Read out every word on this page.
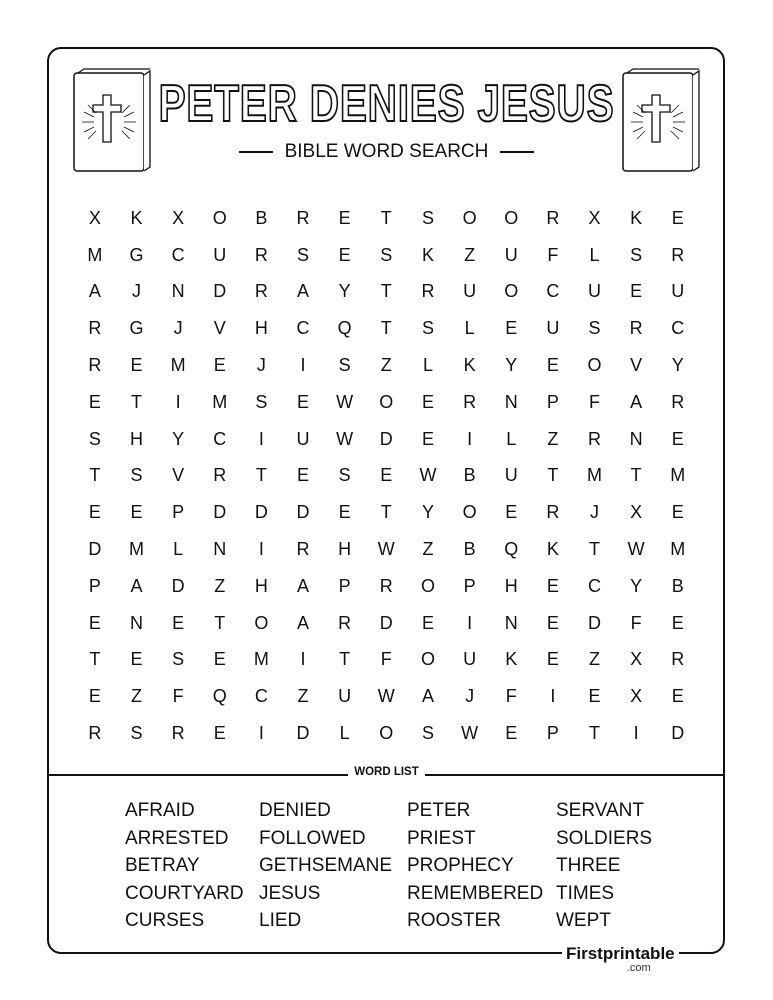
PETER DENIES JESUS
BIBLE WORD SEARCH
X	K	X	O	B	R	E	T	S	O	O	R	X	K	E
M	G	C	U	R	S	E	S	K	Z	U	F	L	S	R
A	J	N	D	R	A	Y	T	R	U	O	C	U	E	U
R	G	J	V	H	C	Q	T	S	L	E	U	S	R	C
R	E	M	E	J	I	S	Z	L	K	Y	E	O	V	Y
E	T	I	M	S	E	W	O	E	R	N	P	F	A	R
S	H	Y	C	I	U	W	D	E	I	L	Z	R	N	E
T	S	V	R	T	E	S	E	W	B	U	T	M	T	M
E	E	P	D	D	D	E	T	Y	O	E	R	J	X	E
D	M	L	N	I	R	H	W	Z	B	Q	K	T	W	M
P	A	D	Z	H	A	P	R	O	P	H	E	C	Y	B
E	N	E	T	O	A	R	D	E	I	N	E	D	F	E
T	E	S	E	M	I	T	F	O	U	K	E	Z	X	R
E	Z	F	Q	C	Z	U	W	A	J	F	I	E	X	E
R	S	R	E	I	D	L	O	S	W	E	P	T	I	D
WORD LIST
AFRAID
ARRESTED
BETRAY
COURTYARD
CURSES
DENIED
FOLLOWED
GETHSEMANE
JESUS
LIED
PETER
PRIEST
PROPHECY
REMEMBERED
ROOSTER
SERVANT
SOLDIERS
THREE
TIMES
WEPT
Firstprintable
.com
